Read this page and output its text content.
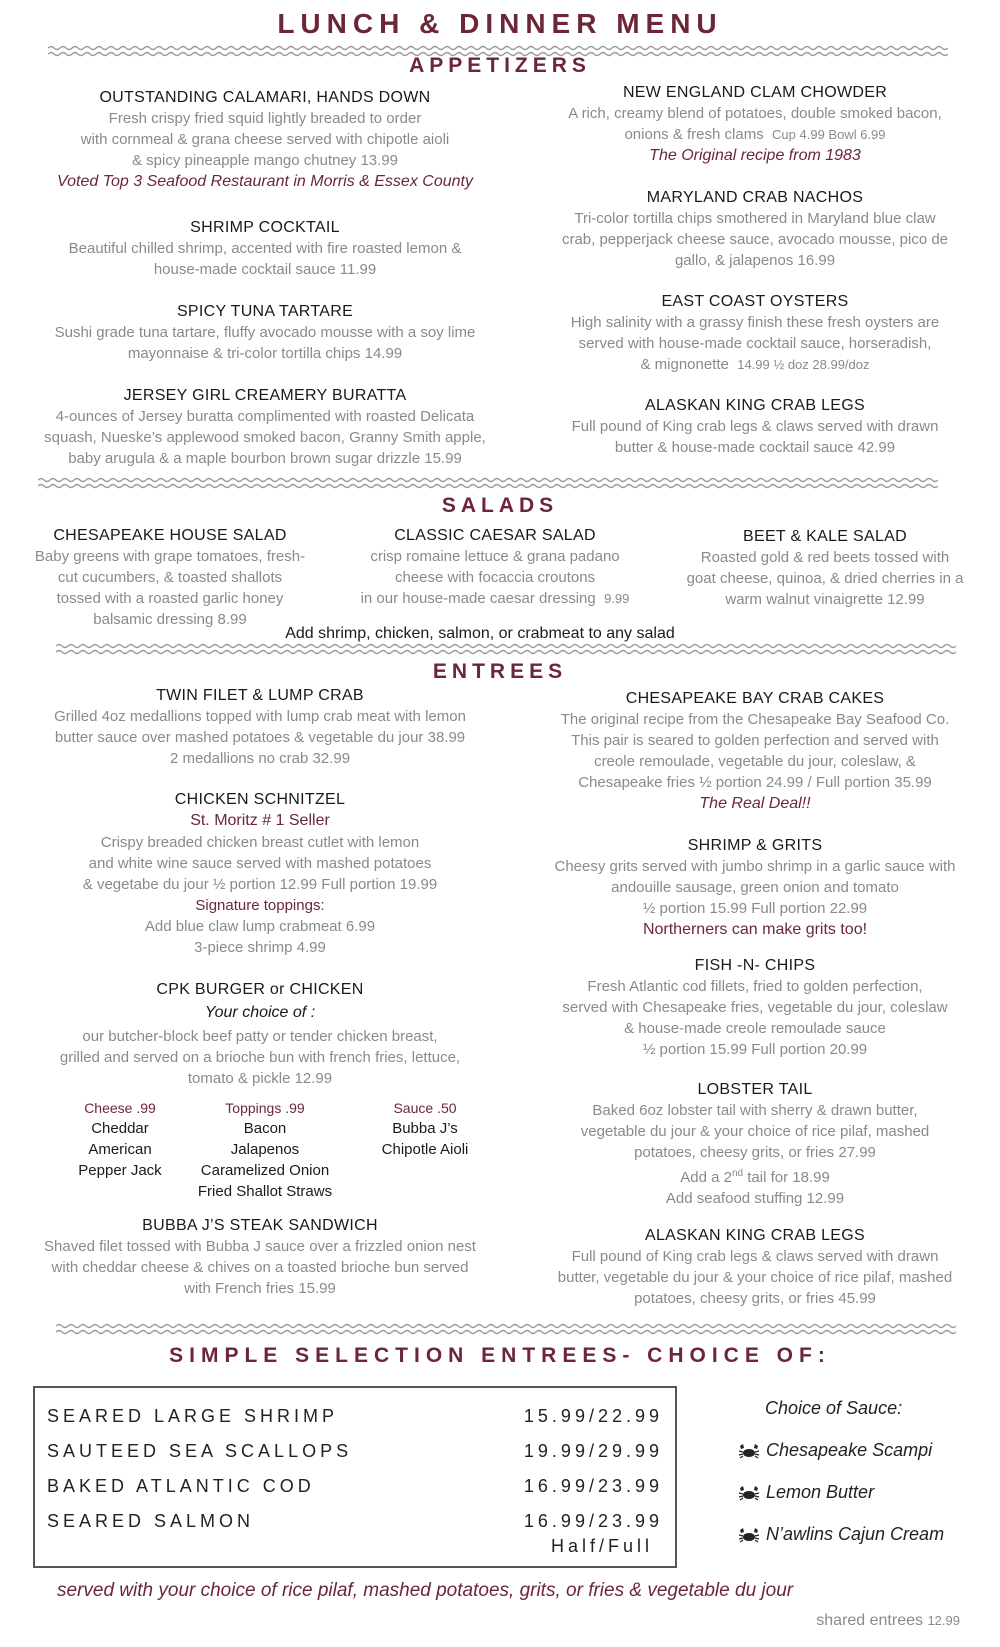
LUNCH & DINNER MENU
APPETIZERS
OUTSTANDING CALAMARI, HANDS DOWN
Fresh crispy fried squid lightly breaded to order
with cornmeal & grana cheese served with chipotle aioli
& spicy pineapple mango chutney 13.99
Voted Top 3 Seafood Restaurant in Morris & Essex County
SHRIMP COCKTAIL
Beautiful chilled shrimp, accented with fire roasted lemon &
house-made cocktail sauce 11.99
SPICY TUNA TARTARE
Sushi grade tuna tartare, fluffy avocado mousse with a soy lime
mayonnaise & tri-color tortilla chips 14.99
JERSEY GIRL CREAMERY BURATTA
4-ounces of Jersey buratta complimented with roasted Delicata
squash, Nueske’s applewood smoked bacon, Granny Smith apple,
baby arugula & a maple bourbon brown sugar drizzle 15.99
NEW ENGLAND CLAM CHOWDER
A rich, creamy blend of potatoes, double smoked bacon,
onions & fresh clams Cup 4.99 Bowl 6.99
The Original recipe from 1983
MARYLAND CRAB NACHOS
Tri-color tortilla chips smothered in Maryland blue claw
crab, pepperjack cheese sauce, avocado mousse, pico de
gallo, & jalapenos 16.99
EAST COAST OYSTERS
High salinity with a grassy finish these fresh oysters are
served with house-made cocktail sauce, horseradish,
& mignonette 14.99 ½ doz 28.99/doz
ALASKAN KING CRAB LEGS
Full pound of King crab legs & claws served with drawn
butter & house-made cocktail sauce 42.99
SALADS
CHESAPEAKE HOUSE SALAD
Baby greens with grape tomatoes, fresh-
cut cucumbers, & toasted shallots
tossed with a roasted garlic honey
balsamic dressing 8.99
CLASSIC CAESAR SALAD
crisp romaine lettuce & grana padano
cheese with focaccia croutons
in our house-made caesar dressing 9.99
BEET & KALE SALAD
Roasted gold & red beets tossed with
goat cheese, quinoa, & dried cherries in a
warm walnut vinaigrette 12.99
Add shrimp, chicken, salmon, or crabmeat to any salad
ENTREES
TWIN FILET & LUMP CRAB
Grilled 4oz medallions topped with lump crab meat with lemon
butter sauce over mashed potatoes & vegetable du jour 38.99
2 medallions no crab 32.99
CHICKEN SCHNITZEL
St. Moritz # 1 Seller
Crispy breaded chicken breast cutlet with lemon
and white wine sauce served with mashed potatoes
& vegetabe du jour ½ portion 12.99 Full portion 19.99
Signature toppings:
Add blue claw lump crabmeat 6.99
3-piece shrimp 4.99
CPK BURGER or CHICKEN
Your choice of :
our butcher-block beef patty or tender chicken breast,
grilled and served on a brioche bun with french fries, lettuce,
tomato & pickle 12.99
Cheese .99
Cheddar
American
Pepper Jack
Toppings .99
Bacon
Jalapenos
Caramelized Onion
Fried Shallot Straws
Sauce .50
Bubba J’s
Chipotle Aioli
BUBBA J’S STEAK SANDWICH
Shaved filet tossed with Bubba J sauce over a frizzled onion nest
with cheddar cheese & chives on a toasted brioche bun served
with French fries 15.99
CHESAPEAKE BAY CRAB CAKES
The original recipe from the Chesapeake Bay Seafood Co.
This pair is seared to golden perfection and served with
creole remoulade, vegetable du jour, coleslaw, &
Chesapeake fries ½ portion 24.99 / Full portion 35.99
The Real Deal!!
SHRIMP & GRITS
Cheesy grits served with jumbo shrimp in a garlic sauce with
andouille sausage, green onion and tomato
½ portion 15.99 Full portion 22.99
Northerners can make grits too!
FISH -N- CHIPS
Fresh Atlantic cod fillets, fried to golden perfection,
served with Chesapeake fries, vegetable du jour, coleslaw
& house-made creole remoulade sauce
½ portion 15.99 Full portion 20.99
LOBSTER TAIL
Baked 6oz lobster tail with sherry & drawn butter,
vegetable du jour & your choice of rice pilaf, mashed
potatoes, cheesy grits, or fries 27.99
Add a 2nd tail for 18.99
Add seafood stuffing 12.99
ALASKAN KING CRAB LEGS
Full pound of King crab legs & claws served with drawn
butter, vegetable du jour & your choice of rice pilaf, mashed
potatoes, cheesy grits, or fries 45.99
SIMPLE SELECTION ENTREES- CHOICE OF:
SEARED LARGE SHRIMP	15.99/22.99
SAUTEED SEA SCALLOPS	19.99/29.99
BAKED ATLANTIC COD	16.99/23.99
SEARED SALMON	16.99/23.99
Half/Full
Choice of Sauce:
Chesapeake Scampi
Lemon Butter
N’awlins Cajun Cream
served with your choice of rice pilaf, mashed potatoes, grits, or fries & vegetable du jour
shared entrees 12.99
